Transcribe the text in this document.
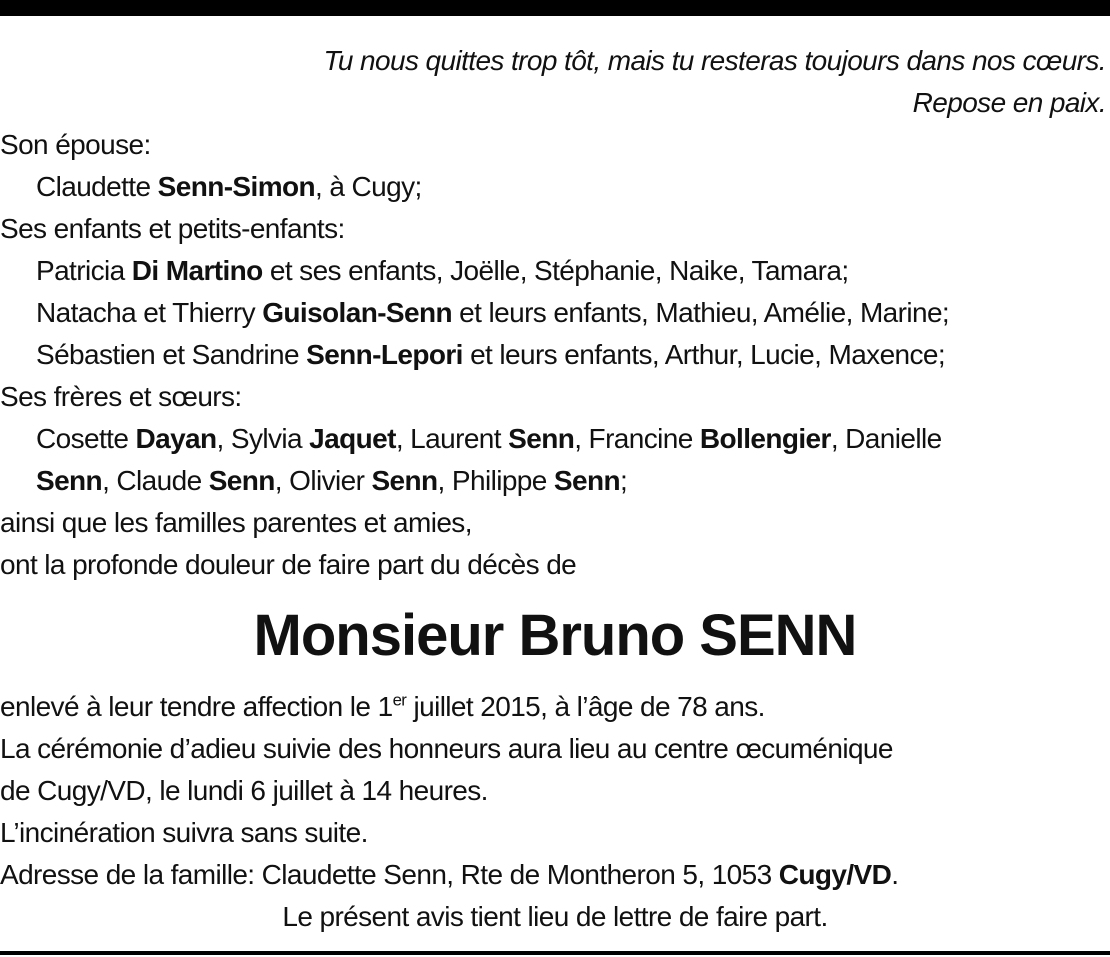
Tu nous quittes trop tôt, mais tu resteras toujours dans nos cœurs.
Repose en paix.
Son épouse:
Claudette Senn-Simon, à Cugy;
Ses enfants et petits-enfants:
Patricia Di Martino et ses enfants, Joëlle, Stéphanie, Naike, Tamara;
Natacha et Thierry Guisolan-Senn et leurs enfants, Mathieu, Amélie, Marine;
Sébastien et Sandrine Senn-Lepori et leurs enfants, Arthur, Lucie, Maxence;
Ses frères et sœurs:
Cosette Dayan, Sylvia Jaquet, Laurent Senn, Francine Bollengier, Danielle
Senn, Claude Senn, Olivier Senn, Philippe Senn;
ainsi que les familles parentes et amies,
ont la profonde douleur de faire part du décès de
Monsieur Bruno SENN
enlevé à leur tendre affection le 1er juillet 2015, à l’âge de 78 ans.
La cérémonie d’adieu suivie des honneurs aura lieu au centre œcuménique
de Cugy/VD, le lundi 6 juillet à 14 heures.
L’incinération suivra sans suite.
Adresse de la famille: Claudette Senn, Rte de Montheron 5, 1053 Cugy/VD.
Le présent avis tient lieu de lettre de faire part.
